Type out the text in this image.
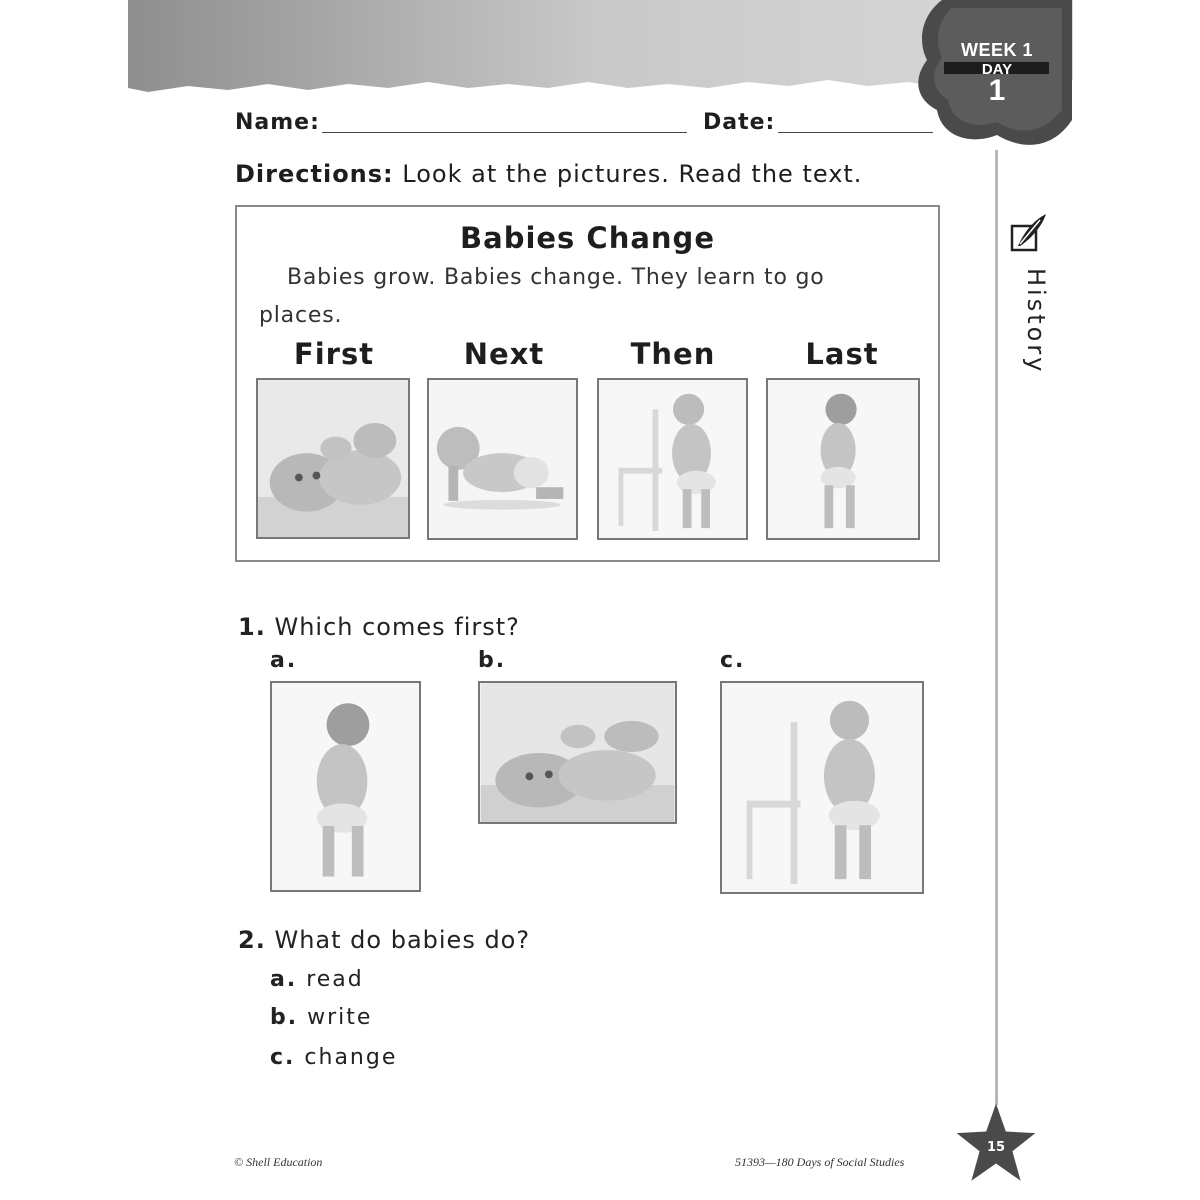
WEEK 1
DAY
1
History
Name:	Date:
Directions: Look at the pictures. Read the text.
Babies Change
Babies grow. Babies change. They learn to go places.
First	Next	Then	Last
1. Which comes first?
a.	b.	c.
2. What do babies do?
a. read
b. write
c. change
© Shell Education	51393—180 Days of Social Studies
15
